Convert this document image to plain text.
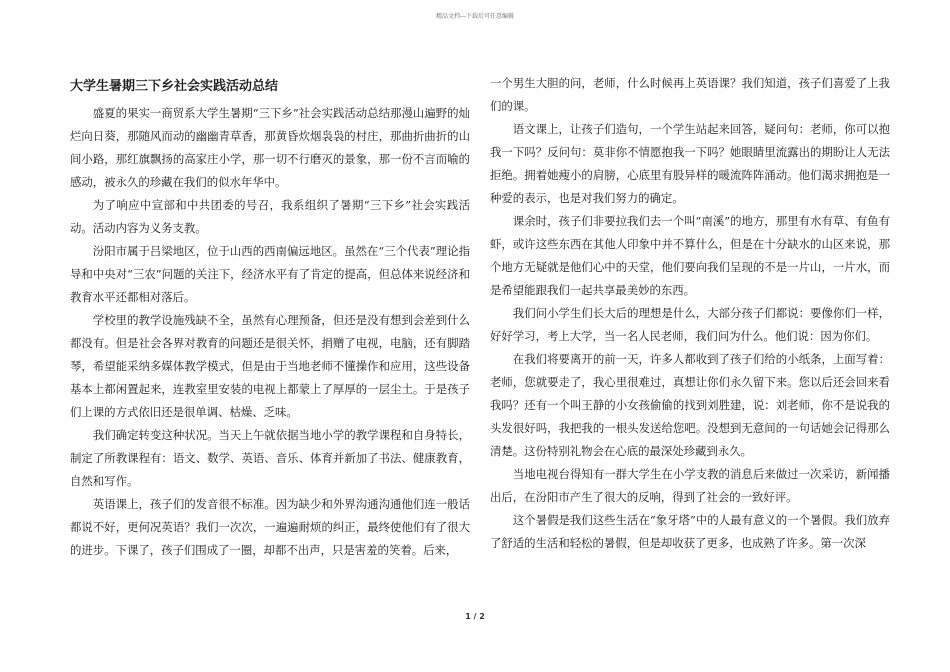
精品文档---下载后可任意编辑
大学生暑期三下乡社会实践活动总结

盛夏的果实一商贸系大学生暑期“三下乡”社会实践活动总结那漫山遍野的灿烂向日葵，那随风而动的幽幽青草香，那黄昏炊烟袅袅的村庄，那曲折曲折的山间小路，那红旗飘扬的高家庄小学，那一切不行磨灭的景象，那一份不言而喻的感动，被永久的珍藏在我们的似水年华中。

为了响应中宣部和中共团委的号召，我系组织了暑期“三下乡”社会实践活动。活动内容为义务支教。

汾阳市属于吕梁地区，位于山西的西南偏远地区。虽然在“三个代表”理论指导和中央对“三农”问题的关注下，经济水平有了肯定的提高，但总体来说经济和教育水平还都相对落后。

学校里的教学设施残缺不全，虽然有心理预备，但还是没有想到会差到什么都没有。但是社会各界对教育的问题还是很关怀，捐赠了电视，电脑，还有脚踏琴，希望能采纳多媒体教学模式，但是由于当地老师不懂操作和应用，这些设备基本上都闲置起来，连教室里安装的电视上都蒙上了厚厚的一层尘土。于是孩子们上课的方式依旧还是很单调、枯燥、乏味。

我们确定转变这种状况。当天上午就依据当地小学的教学课程和自身特长，制定了所教课程有：语文、数学、英语、音乐、体育并新加了书法、健康教育，自然和写作。

英语课上，孩子们的发音很不标准。因为缺少和外界沟通沟通他们连一般话都说不好，更何况英语？我们一次次，一遍遍耐烦的纠正，最终使他们有了很大的进步。下课了，孩子们围成了一圈，却都不出声，只是害羞的笑着。后来，

一个男生大胆的问，老师，什么时候再上英语课？我们知道，孩子们喜爱了上我们的课。

语文课上，让孩子们造句，一个学生站起来回答，疑问句：老师，你可以抱我一下吗？反问句：莫非你不情愿抱我一下吗？她眼睛里流露出的期盼让人无法拒绝。拥着她瘦小的肩膀，心底里有股异样的暖流阵阵涌动。他们渴求拥抱是一种爱的表示，也是对我们努力的确定。

课余时，孩子们非要拉我们去一个叫“南溪”的地方，那里有水有草、有鱼有虾，或许这些东西在其他人印象中并不算什么，但是在十分缺水的山区来说，那个地方无疑就是他们心中的天堂，他们要向我们呈现的不是一片山，一片水，而是希望能跟我们一起共享最美妙的东西。

我们问小学生们长大后的理想是什么，大部分孩子们都说：要像你们一样，好好学习，考上大学，当一名人民老师，我们问为什么。他们说：因为你们。

在我们将要离开的前一天，许多人都收到了孩子们给的小纸条，上面写着：老师，您就要走了，我心里很难过，真想让你们永久留下来。您以后还会回来看我吗？还有一个叫王静的小女孩偷偷的找到刘胜建，说：刘老师，你不是说我的头发很好吗，我把我的一根头发送给您吧。没想到无意间的一句话她会记得那么清楚。这份特别礼物会在心底的最深处珍藏到永久。

当地电视台得知有一群大学生在小学支教的消息后来做过一次采访，新闻播出后，在汾阳市产生了很大的反响，得到了社会的一致好评。

这个暑假是我们这些生活在“象牙塔”中的人最有意义的一个暑假。我们放弃了舒适的生活和轻松的暑假，但是却收获了更多，也成熟了许多。第一次深

1 / 2
